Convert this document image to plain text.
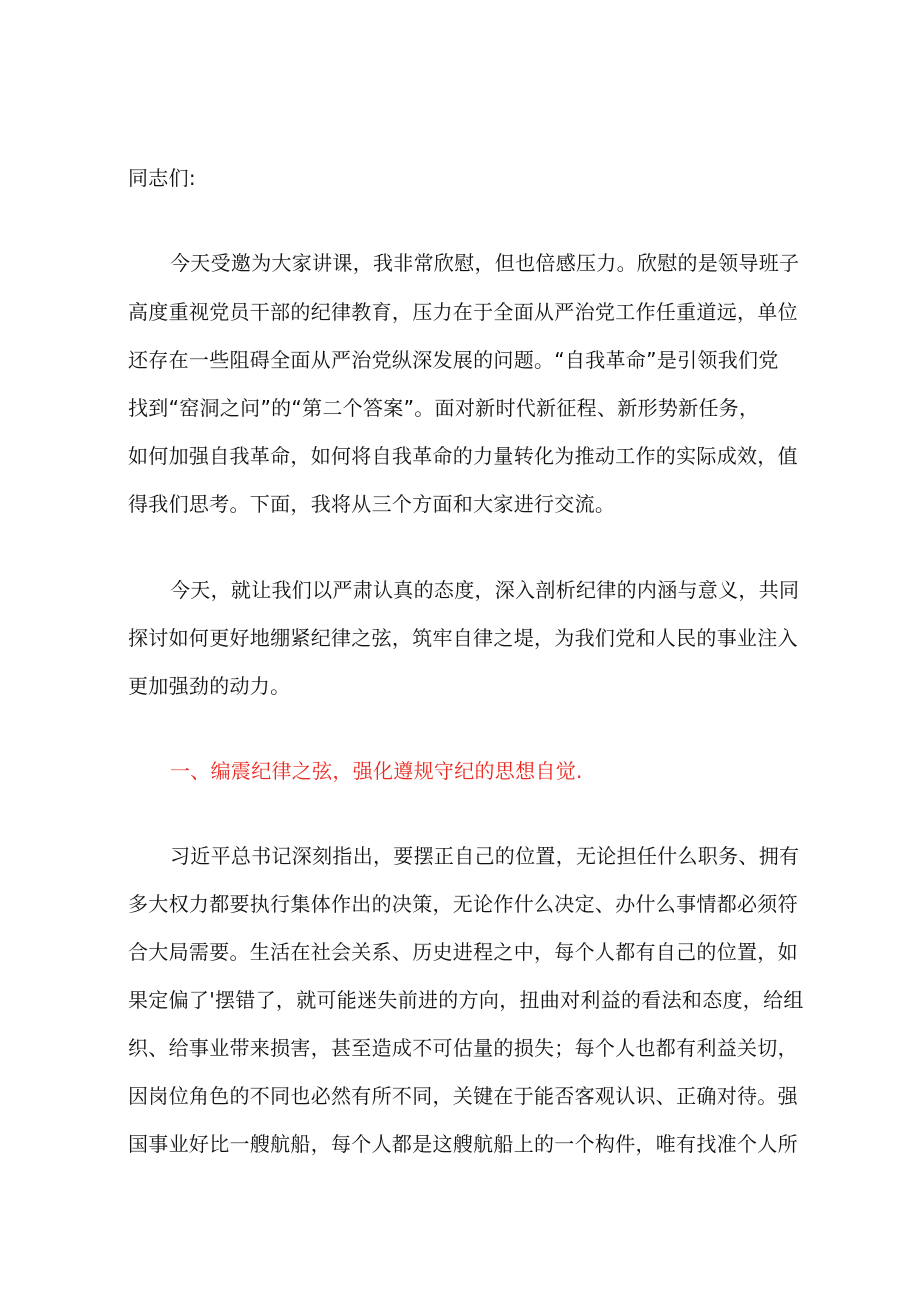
同志们:
今天受邀为大家讲课，我非常欣慰，但也倍感压力。欣慰的是领导班子
高度重视党员干部的纪律教育，压力在于全面从严治党工作任重道远，单位
还存在一些阻碍全面从严治党纵深发展的问题。“自我革命”是引领我们党
找到“窑洞之问”的“第二个答案”。面对新时代新征程、新形势新任务，
如何加强自我革命，如何将自我革命的力量转化为推动工作的实际成效，值
得我们思考。下面，我将从三个方面和大家进行交流。
今天，就让我们以严肃认真的态度，深入剖析纪律的内涵与意义，共同
探讨如何更好地绷紧纪律之弦，筑牢自律之堤，为我们党和人民的事业注入
更加强劲的动力。
一、编震纪律之弦，强化遵规守纪的思想自觉.
习近平总书记深刻指出，要摆正自己的位置，无论担任什么职务、拥有
多大权力都要执行集体作出的决策，无论作什么决定、办什么事情都必须符
合大局需要。生活在社会关系、历史进程之中，每个人都有自己的位置，如
果定偏了'摆错了，就可能迷失前进的方向，扭曲对利益的看法和态度，给组
织、给事业带来损害，甚至造成不可估量的损失；每个人也都有利益关切，
因岗位角色的不同也必然有所不同，关键在于能否客观认识、正确对待。强
国事业好比一艘航船，每个人都是这艘航船上的一个构件，唯有找准个人所
